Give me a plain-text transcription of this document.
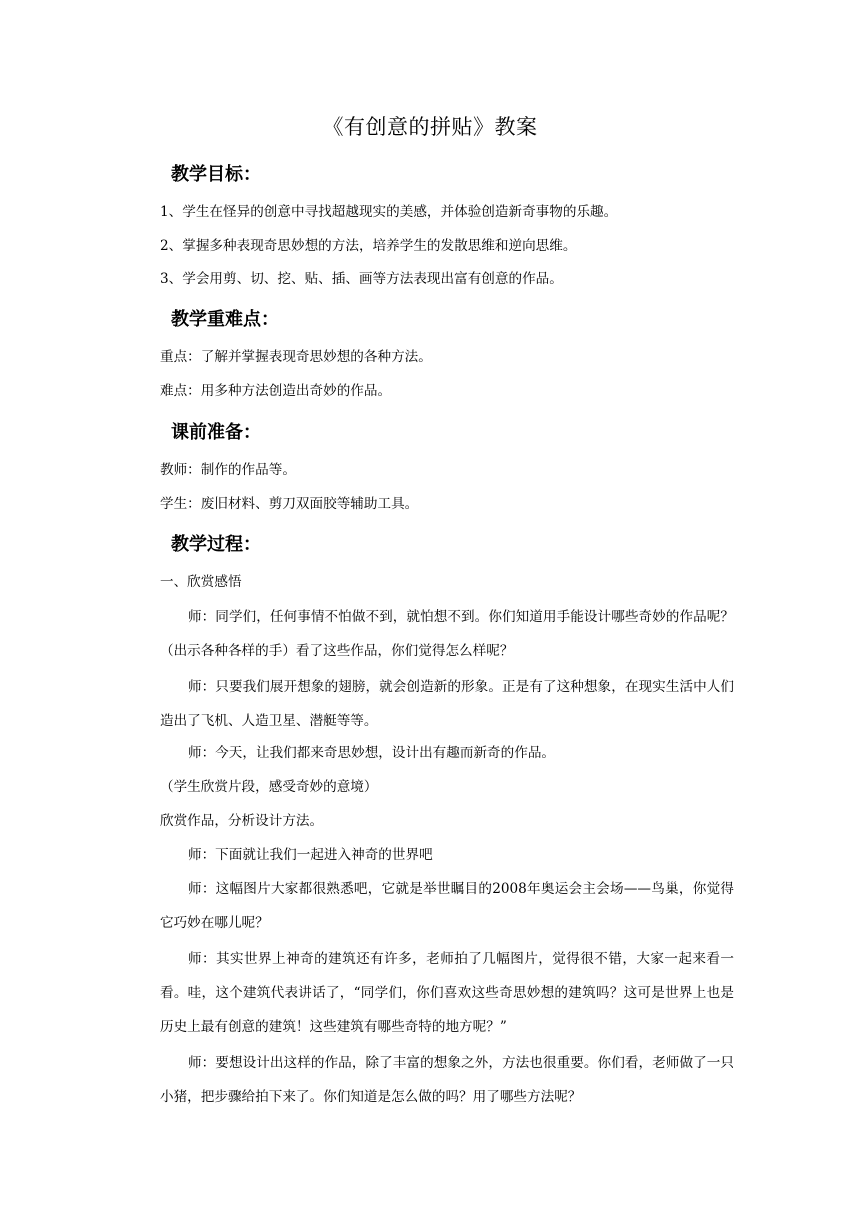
《有创意的拼贴》教案
教学目标：

1、学生在怪异的创意中寻找超越现实的美感，并体验创造新奇事物的乐趣。

2、掌握多种表现奇思妙想的方法，培养学生的发散思维和逆向思维。

3、学会用剪、切、挖、贴、插、画等方法表现出富有创意的作品。

教学重难点：

重点：了解并掌握表现奇思妙想的各种方法。

难点：用多种方法创造出奇妙的作品。

课前准备：

教师：制作的作品等。

学生：废旧材料、剪刀双面胶等辅助工具。

教学过程：

一、欣赏感悟

师：同学们，任何事情不怕做不到，就怕想不到。你们知道用手能设计哪些奇妙的作品呢？（出示各种各样的手）看了这些作品，你们觉得怎么样呢？

师：只要我们展开想象的翅膀，就会创造新的形象。正是有了这种想象，在现实生活中人们造出了飞机、人造卫星、潜艇等等。

师：今天，让我们都来奇思妙想，设计出有趣而新奇的作品。

（学生欣赏片段，感受奇妙的意境）

欣赏作品，分析设计方法。

师：下面就让我们一起进入神奇的世界吧

师：这幅图片大家都很熟悉吧，它就是举世瞩目的2008年奥运会主会场——鸟巢，你觉得它巧妙在哪儿呢？

师：其实世界上神奇的建筑还有许多，老师拍了几幅图片，觉得很不错，大家一起来看一看。哇，这个建筑代表讲话了，“同学们，你们喜欢这些奇思妙想的建筑吗？这可是世界上也是历史上最有创意的建筑！这些建筑有哪些奇特的地方呢？”

师：要想设计出这样的作品，除了丰富的想象之外，方法也很重要。你们看，老师做了一只小猪，把步骤给拍下来了。你们知道是怎么做的吗？用了哪些方法呢？
